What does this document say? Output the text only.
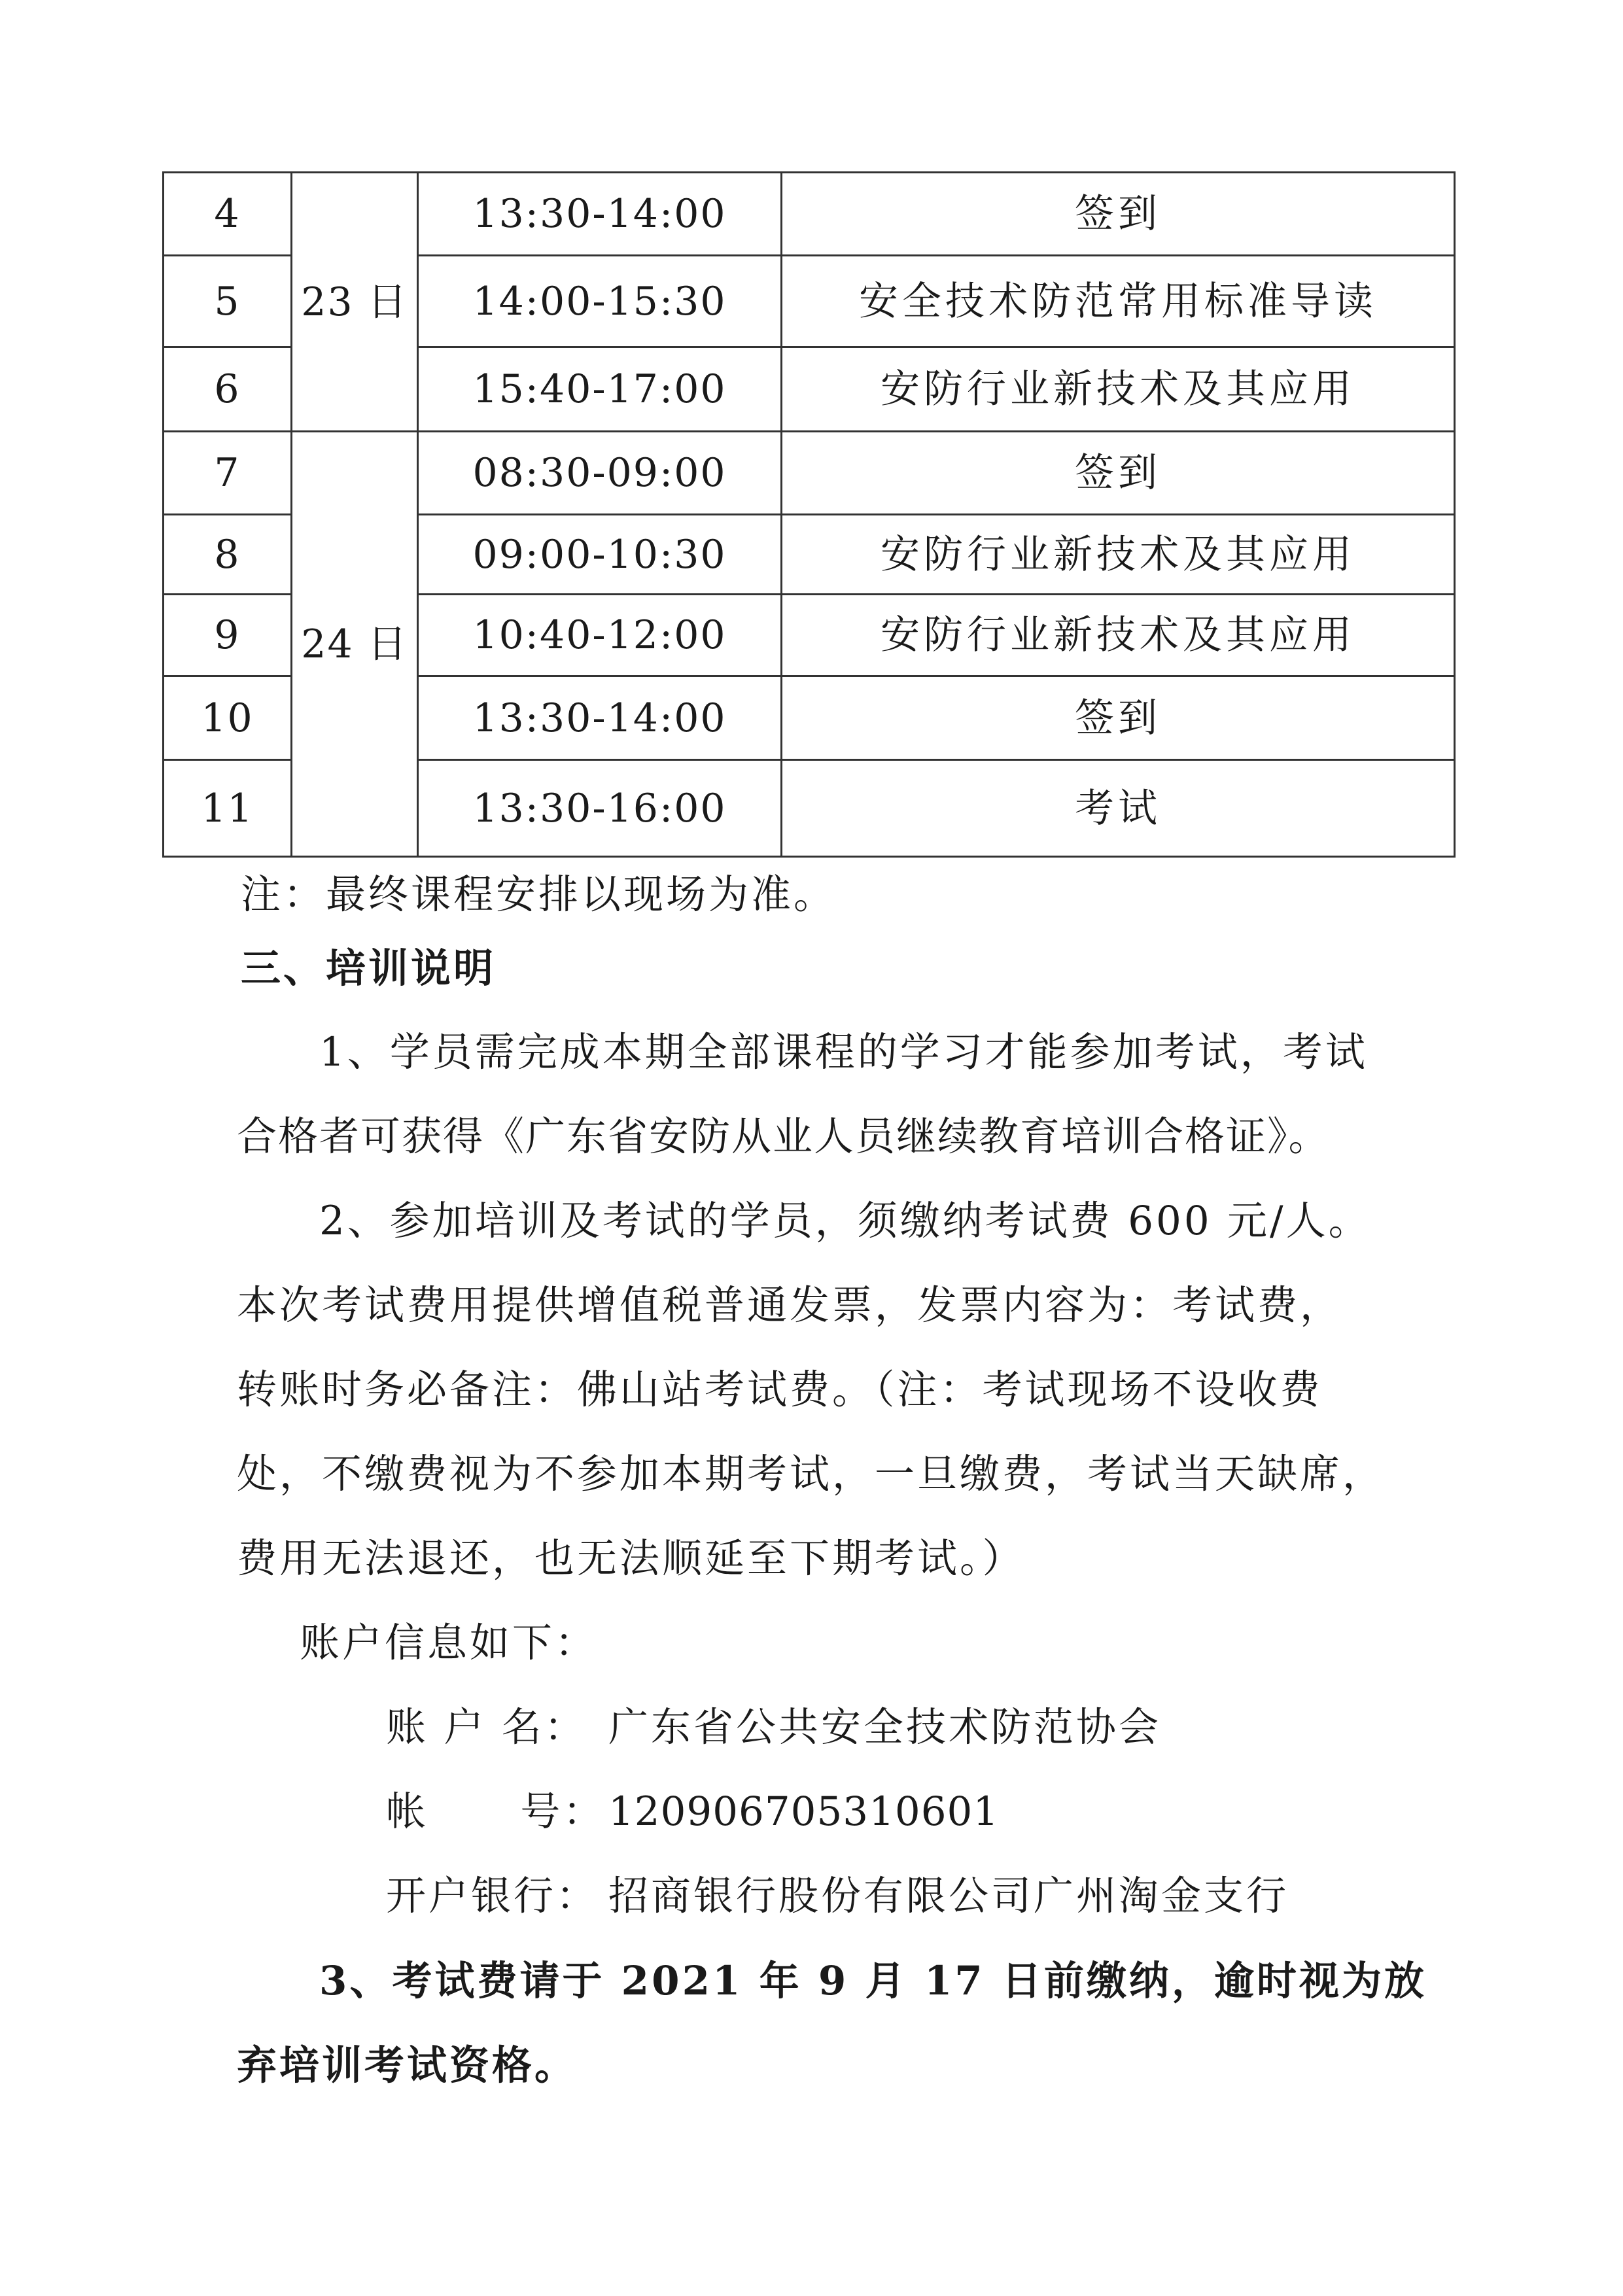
4	23 日	13:30-14:00	签到
5		14:00-15:30	安全技术防范常用标准导读
6		15:40-17:00	安防行业新技术及其应用
7	24 日	08:30-09:00	签到
8		09:00-10:30	安防行业新技术及其应用
9		10:40-12:00	安防行业新技术及其应用
10		13:30-14:00	签到
11		13:30-16:00	考试
注：最终课程安排以现场为准。
三、培训说明
1、学员需完成本期全部课程的学习才能参加考试，考试
合格者可获得《广东省安防从业人员继续教育培训合格证》。
2、参加培训及考试的学员，须缴纳考试费 600 元/人。
本次考试费用提供增值税普通发票，发票内容为：考试费，
转账时务必备注：佛山站考试费。（注：考试现场不设收费
处，不缴费视为不参加本期考试，一旦缴费，考试当天缺席，
费用无法退还，也无法顺延至下期考试。）
账户信息如下：
账 户 名： 广东省公共安全技术防范协会
帐      号： 120906705310601
开户银行： 招商银行股份有限公司广州淘金支行
3、考试费请于 2021 年 9 月 17 日前缴纳，逾时视为放
弃培训考试资格。
